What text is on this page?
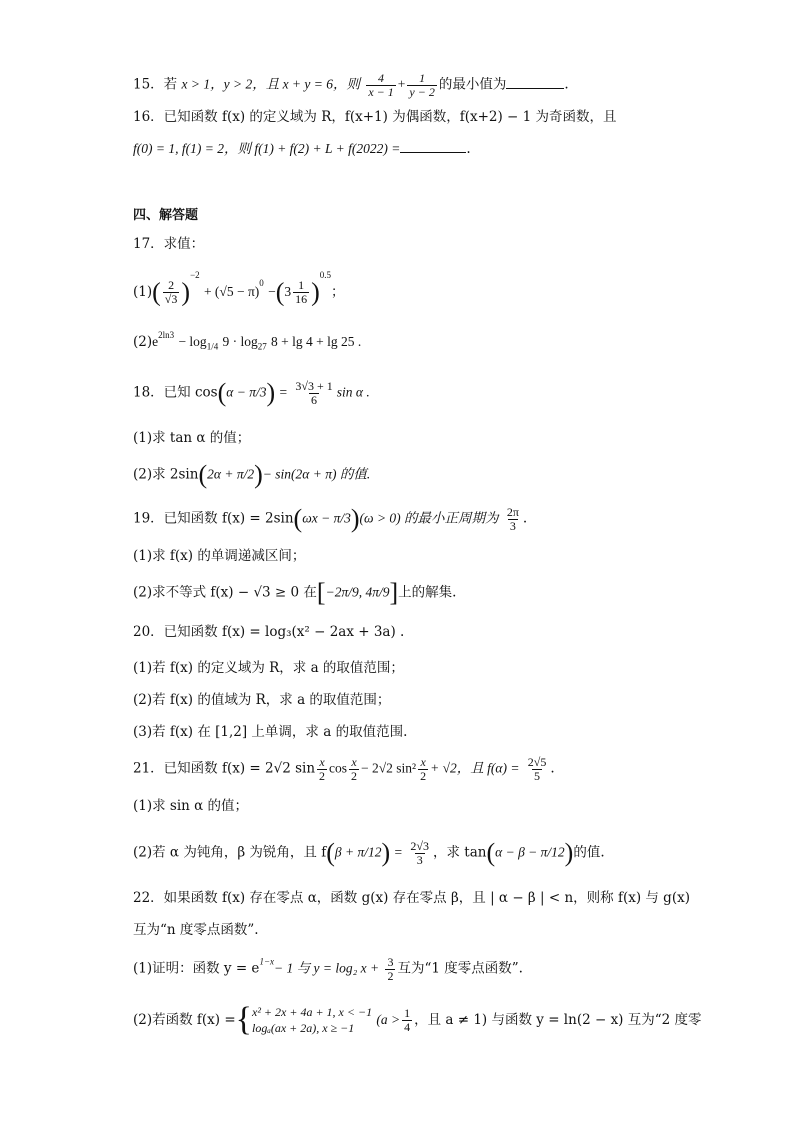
15．若 x > 1，y > 2，且 x + y = 6，则 $\frac{4}{x - 1} + \frac{1}{y - 2}$ 的最小值为	.
16．已知函数 f(x) 的定义域为 R，f(x+1) 为偶函数，f(x+2) − 1 为奇函数，且
f(0) = 1, f(1) = 2，则 f(1) + f(2) + L + f(2022) =	.
四、解答题
17．求值：
$(1)( \frac{2}{√3} )^{-2} + (√5 - \pi)^0 -(3 \frac{1}{16} )^{0.5}$；
$(2)e^{2ln3} - \log_{1/4} 9 \cdot \log_{27} 8 + \lg 4 + \lg 25$ .
18．已知 $\cos(\alpha - \pi/3) = \frac{3√3 + 1}{6}$ sin α .
(1)求 tan α 的值；
(2)求 2sin(2α + π/2)− sin(2α + π) 的值.
19．已知函数 f(x) = 2sin(ωx − π/3)(ω > 0) 的最小正周期为 $\frac{2\pi}{3}$ .
(1)求 f(x) 的单调递减区间；
(2)求不等式 f(x) − √3 ≥ 0 在[−2π/9, 4π/9]上的解集.
20．已知函数 f(x) = log₃(x² − 2ax + 3a) .
(1)若 f(x) 的定义域为 R，求 a 的取值范围；
(2)若 f(x) 的值域为 R，求 a 的取值范围；
(3)若 f(x) 在 [1,2] 上单调，求 a 的取值范围.
21．已知函数 f(x) = 2√2 $\sin \frac{x}{2}$ $\cos \frac{x}{2} - 2√2$ $\sin^2 \frac{x}{2} + √2$，且 $f(\alpha) = \frac{2√5}{5}$ .
(1)求 sin α 的值；
(2)若 α 为钝角，β 为锐角，且 $f(\beta + \pi/12) = \frac{2√3}{3}$ ，求 tan(α − β − π/12)的值.
22．如果函数 f(x) 存在零点 α，函数 g(x) 存在零点 β，且 | α − β | < n，则称 f(x) 与 g(x)
互为“n 度零点函数”.
(1)证明：函数 $y = e^{1-x}- 1$ 与 y = log₂ $x + \frac{3}{2}$ 互为“1 度零点函数”.
(2)若函数 f(x) ={ x² + 2x + 4a + 1, x < −1
logₐ(ax + 2a), x ≥ −1
($a > \frac{1}{4}$ ，且 a ≠ 1) 与函数 y = ln(2 − x) 互为“2 度零
